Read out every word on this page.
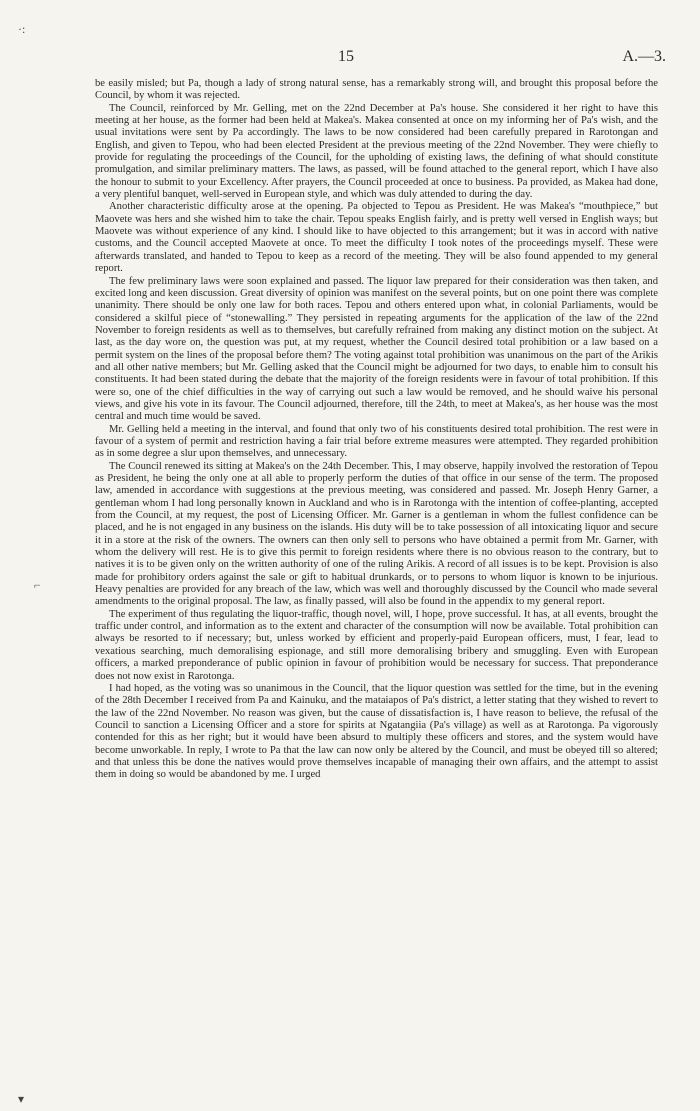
15	A.—3.
·:
⌐
▾

be easily misled; but Pa, though a lady of strong natural sense, has a remarkably strong will, and brought this proposal before the Council, by whom it was rejected.

The Council, reinforced by Mr. Gelling, met on the 22nd December at Pa's house. She considered it her right to have this meeting at her house, as the former had been held at Makea's. Makea consented at once on my informing her of Pa's wish, and the usual invitations were sent by Pa accordingly. The laws to be now considered had been carefully prepared in Rarotongan and English, and given to Tepou, who had been elected President at the previous meeting of the 22nd November. They were chiefly to provide for regulating the proceedings of the Council, for the upholding of existing laws, the defining of what should constitute promulgation, and similar preliminary matters. The laws, as passed, will be found attached to the general report, which I have also the honour to submit to your Excellency. After prayers, the Council proceeded at once to business. Pa provided, as Makea had done, a very plentiful banquet, well-served in European style, and which was duly attended to during the day.

Another characteristic difficulty arose at the opening. Pa objected to Tepou as President. He was Makea's “mouthpiece,” but Maovete was hers and she wished him to take the chair. Tepou speaks English fairly, and is pretty well versed in English ways; but Maovete was without experience of any kind. I should like to have objected to this arrangement; but it was in accord with native customs, and the Council accepted Maovete at once. To meet the difficulty I took notes of the proceedings myself. These were afterwards translated, and handed to Tepou to keep as a record of the meeting. They will be also found appended to my general report.

The few preliminary laws were soon explained and passed. The liquor law prepared for their consideration was then taken, and excited long and keen discussion. Great diversity of opinion was manifest on the several points, but on one point there was complete unanimity. There should be only one law for both races. Tepou and others entered upon what, in colonial Parliaments, would be considered a skilful piece of “stonewalling.” They persisted in repeating arguments for the application of the law of the 22nd November to foreign residents as well as to themselves, but carefully refrained from making any distinct motion on the subject. At last, as the day wore on, the question was put, at my request, whether the Council desired total prohibition or a law based on a permit system on the lines of the proposal before them? The voting against total prohibition was unanimous on the part of the Arikis and all other native members; but Mr. Gelling asked that the Council might be adjourned for two days, to enable him to consult his constituents. It had been stated during the debate that the majority of the foreign residents were in favour of total prohibition. If this were so, one of the chief difficulties in the way of carrying out such a law would be removed, and he should waive his personal views, and give his vote in its favour. The Council adjourned, therefore, till the 24th, to meet at Makea's, as her house was the most central and much time would be saved.

Mr. Gelling held a meeting in the interval, and found that only two of his constituents desired total prohibition. The rest were in favour of a system of permit and restriction having a fair trial before extreme measures were attempted. They regarded prohibition as in some degree a slur upon themselves, and unnecessary.

The Council renewed its sitting at Makea's on the 24th December. This, I may observe, happily involved the restoration of Tepou as President, he being the only one at all able to properly perform the duties of that office in our sense of the term. The proposed law, amended in accordance with suggestions at the previous meeting, was considered and passed. Mr. Joseph Henry Garner, a gentleman whom I had long personally known in Auckland and who is in Rarotonga with the intention of coffee-planting, accepted from the Council, at my request, the post of Licensing Officer. Mr. Garner is a gentleman in whom the fullest confidence can be placed, and he is not engaged in any business on the islands. His duty will be to take possession of all intoxicating liquor and secure it in a store at the risk of the owners. The owners can then only sell to persons who have obtained a permit from Mr. Garner, with whom the delivery will rest. He is to give this permit to foreign residents where there is no obvious reason to the contrary, but to natives it is to be given only on the written authority of one of the ruling Arikis. A record of all issues is to be kept. Provision is also made for prohibitory orders against the sale or gift to habitual drunkards, or to persons to whom liquor is known to be injurious. Heavy penalties are provided for any breach of the law, which was well and thoroughly discussed by the Council who made several amendments to the original proposal. The law, as finally passed, will also be found in the appendix to my general report.

The experiment of thus regulating the liquor-traffic, though novel, will, I hope, prove successful. It has, at all events, brought the traffic under control, and information as to the extent and character of the consumption will now be available. Total prohibition can always be resorted to if necessary; but, unless worked by efficient and properly-paid European officers, must, I fear, lead to vexatious searching, much demoralising espionage, and still more demoralising bribery and smuggling. Even with European officers, a marked preponderance of public opinion in favour of prohibition would be necessary for success. That preponderance does not now exist in Rarotonga.

I had hoped, as the voting was so unanimous in the Council, that the liquor question was settled for the time, but in the evening of the 28th December I received from Pa and Kainuku, and the mataiapos of Pa's district, a letter stating that they wished to revert to the law of the 22nd November. No reason was given, but the cause of dissatisfaction is, I have reason to believe, the refusal of the Council to sanction a Licensing Officer and a store for spirits at Ngatangiia (Pa's village) as well as at Rarotonga. Pa vigorously contended for this as her right; but it would have been absurd to multiply these officers and stores, and the system would have become unworkable. In reply, I wrote to Pa that the law can now only be altered by the Council, and must be obeyed till so altered; and that unless this be done the natives would prove themselves incapable of managing their own affairs, and the attempt to assist them in doing so would be abandoned by me. I urged
